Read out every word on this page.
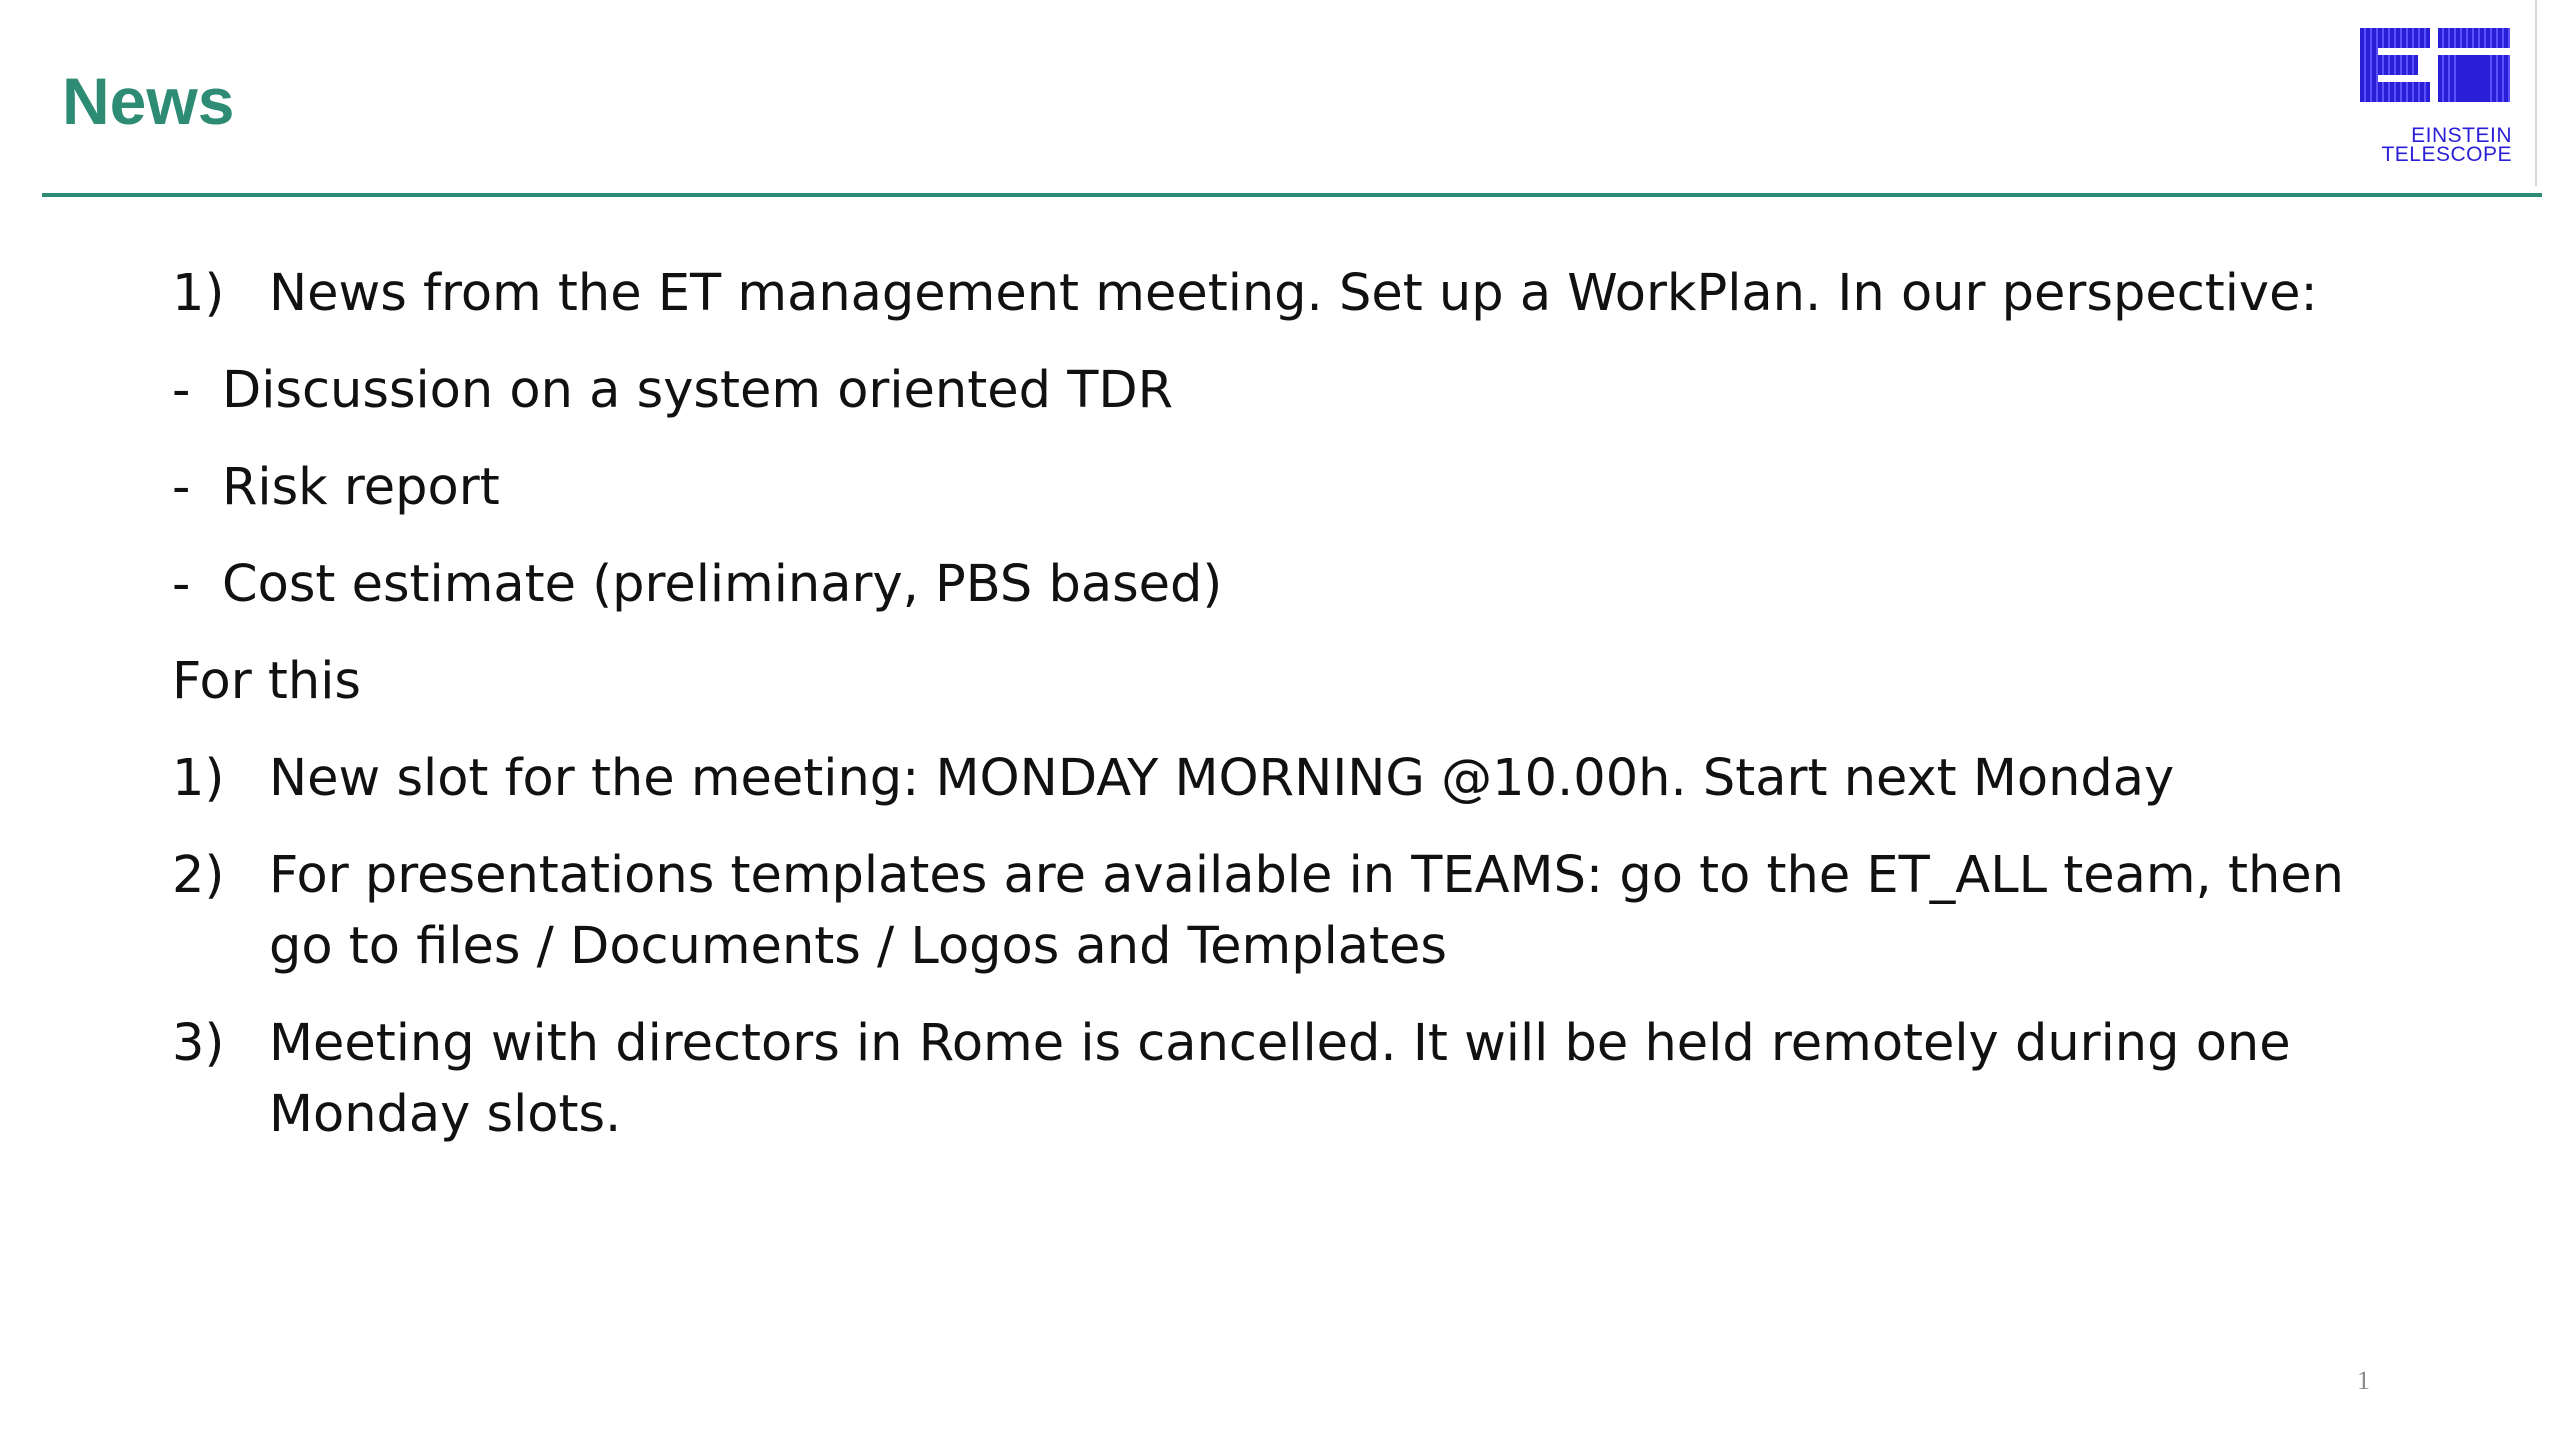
News	EINSTEIN
TELESCOPE
1) News from the ET management meeting. Set up a WorkPlan. In our perspective:
- Discussion on a system oriented TDR
- Risk report
- Cost estimate (preliminary, PBS based)
For this
1) New slot for the meeting: MONDAY MORNING @10.00h. Start next Monday
2) For presentations templates are available in TEAMS: go to the ET_ALL team, then go to files / Documents / Logos and Templates
3) Meeting with directors in Rome is cancelled. It will be held remotely during one Monday slots.
1
